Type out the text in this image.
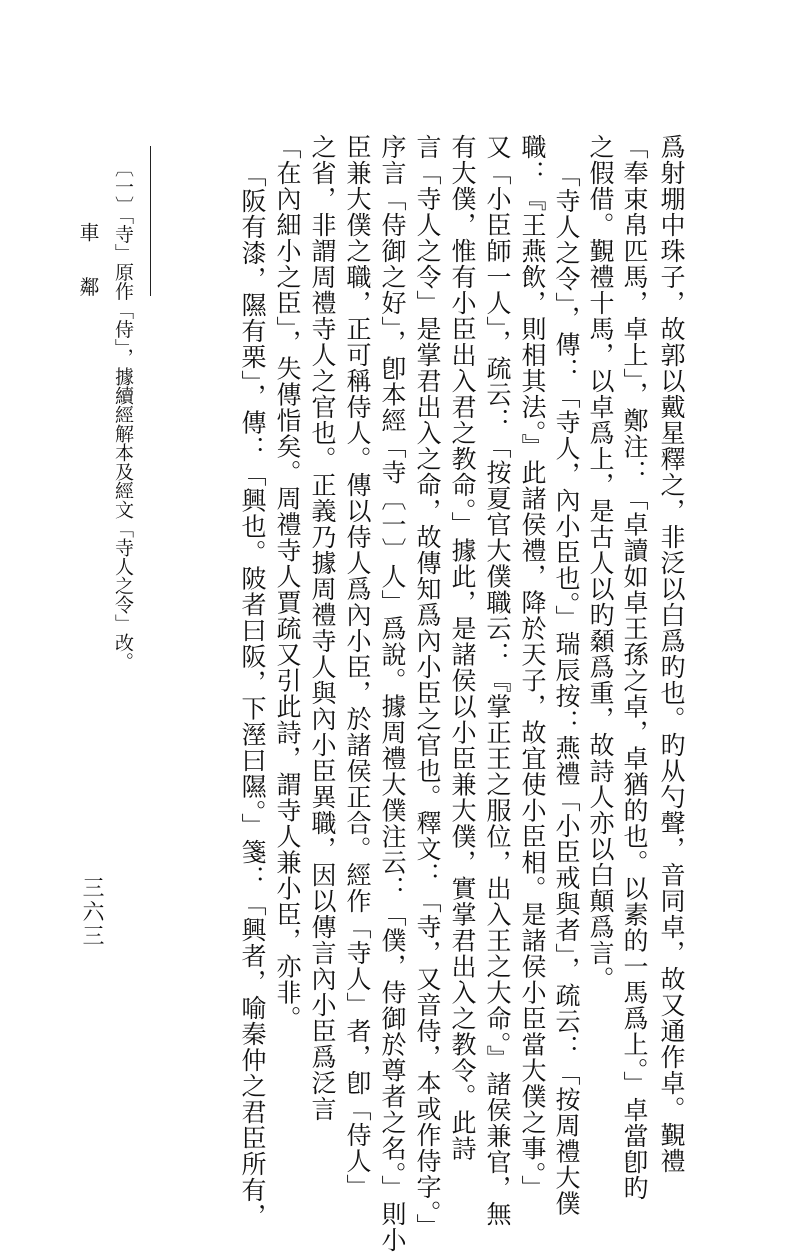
車 鄰 〔一〕「寺」原作「侍」，據續經解本及經文「寺人之令」改。
三六三	爲射堋中珠子，故郭以戴星釋之，非泛以白爲旳也。旳从勺聲，音同卓，故又通作卓。覲禮
「奉束帛匹馬，卓上」，鄭注：「卓讀如卓王孫之卓，卓猶的也。以素的一馬爲上。」卓當卽旳
之假借。覲禮十馬，以卓爲上，是古人以旳顙爲重，故詩人亦以白顛爲言。
「寺人之令」，傳：「寺人，內小臣也。」瑞辰按：燕禮「小臣戒與者」，疏云：「按周禮大僕
職：『王燕飲，則相其法。』此諸侯禮，降於天子，故宜使小臣相。是諸侯小臣當大僕之事。」
又「小臣師一人」，疏云：「按夏官大僕職云：『掌正王之服位，出入王之大命。』諸侯兼官，無
有大僕，惟有小臣出入君之教命。」據此，是諸侯以小臣兼大僕，實掌君出入之教令。此詩
言「寺人之令」是掌君出入之命，故傳知爲內小臣之官也。釋文：「寺，又音侍，本或作侍字。」
序言「侍御之好」，卽本經「寺〔一〕人」爲說。據周禮大僕注云：「僕，侍御於尊者之名。」則小
臣兼大僕之職，正可稱侍人。傳以侍人爲內小臣，於諸侯正合。經作「寺人」者，卽「侍人」
之省，非謂周禮寺人之官也。正義乃據周禮寺人與內小臣異職，因以傳言內小臣爲泛言
「在內細小之臣」，失傳恉矣。周禮寺人賈疏又引此詩，謂寺人兼小臣，亦非。
「阪有漆，隰有栗」，傳：「興也。陂者曰阪，下溼曰隰。」箋：「興者，喻秦仲之君臣所有，
